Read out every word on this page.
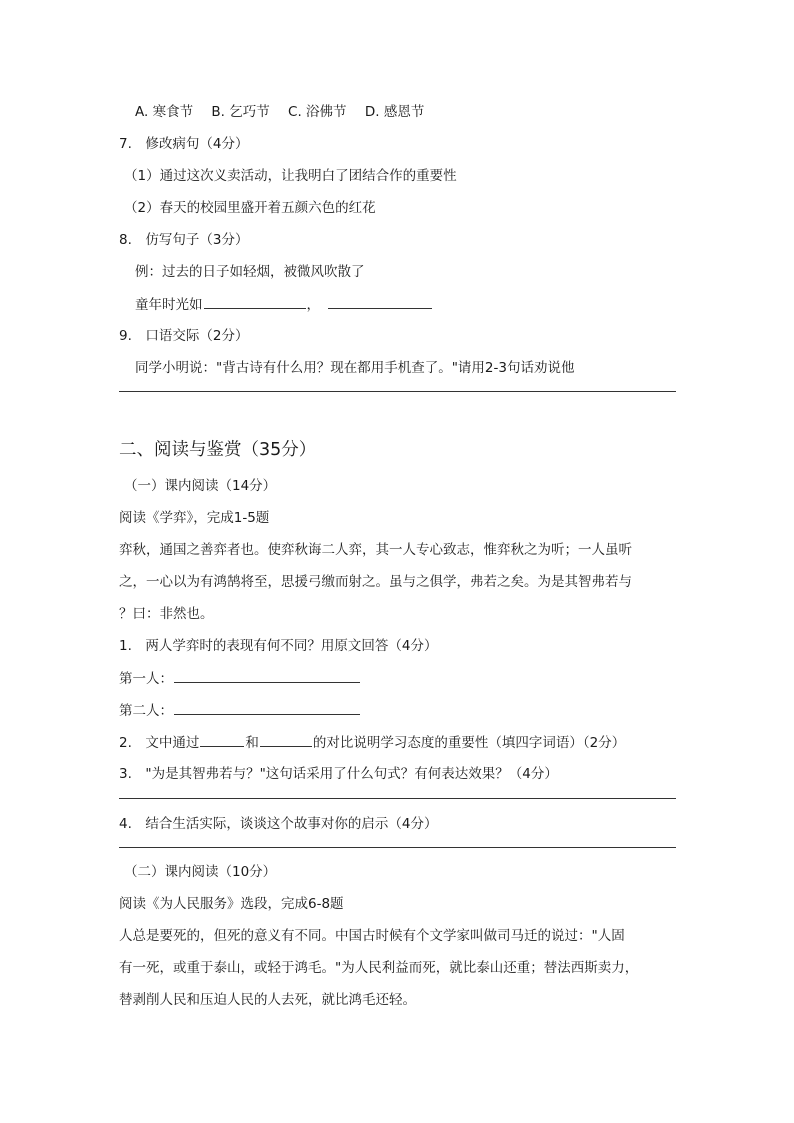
A. 寒食节 B. 乞巧节 C. 浴佛节 D. 感恩节
7.　修改病句（4分）
（1）通过这次义卖活动，让我明白了团结合作的重要性
（2）春天的校园里盛开着五颜六色的红花
8.　仿写句子（3分）
例：过去的日子如轻烟，被微风吹散了
童年时光如	，
9.　口语交际（2分）
同学小明说："背古诗有什么用？现在都用手机查了。"请用2-3句话劝说他
二、阅读与鉴赏（35分）
（一）课内阅读（14分）
阅读《学弈》，完成1-5题
弈秋，通国之善弈者也。使弈秋诲二人弈，其一人专心致志，惟弈秋之为听；一人虽听
之，一心以为有鸿鹄将至，思援弓缴而射之。虽与之俱学，弗若之矣。为是其智弗若与
？曰：非然也。
1.　两人学弈时的表现有何不同？用原文回答（4分）
第一人：
第二人：
2.　文中通过	和	的对比说明学习态度的重要性（填四字词语）（2分）
3.　"为是其智弗若与？"这句话采用了什么句式？有何表达效果？（4分）
4.　结合生活实际，谈谈这个故事对你的启示（4分）
（二）课内阅读（10分）
阅读《为人民服务》选段，完成6-8题
人总是要死的，但死的意义有不同。中国古时候有个文学家叫做司马迁的说过："人固
有一死，或重于泰山，或轻于鸿毛。"为人民利益而死，就比泰山还重；替法西斯卖力，
替剥削人民和压迫人民的人去死，就比鸿毛还轻。
